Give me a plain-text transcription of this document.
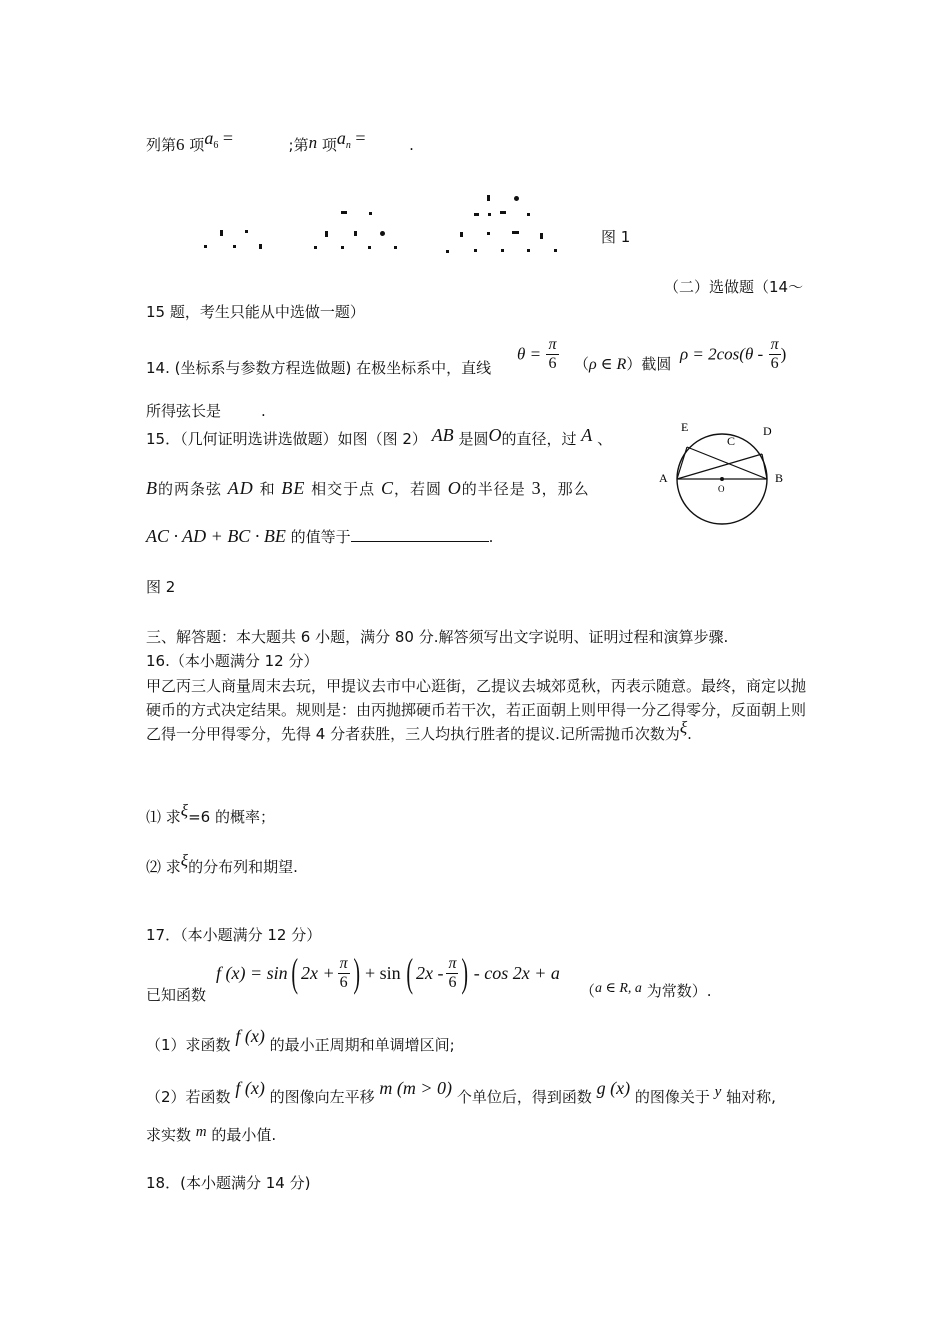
列第6 项$a_6$ =	;第n 项$a_n$ =	.
图 1
（二）选做题（14～
15 题，考生只能从中选做一题）
14. (坐标系与参数方程选做题) 在极坐标系中，直线
$\theta = \frac{\pi}{6} (\rho$ ∈ R）截圆
$\rho = 2\cos(\theta - \frac{\pi}{6}$ )
所得弦长是	.
15．（几何证明选讲选做题）如图（图 2） AB 是圆O的直径，过 A 、
B的两条弦 AD 和 BE 相交于点 C，若圆 O的半径是 3，那么
AC · AD + BC · BE 的值等于	.
图 2
E	D
C
A
O
B
三、解答题：本大题共 6 小题，满分 80 分.解答须写出文字说明、证明过程和演算步骤.
16.（本小题满分 12 分）

甲乙丙三人商量周末去玩，甲提议去市中心逛街，乙提议去城郊觅秋，丙表示随意。最终，商定以抛硬币的方式决定结果。规则是：由丙抛掷硬币若干次，若正面朝上则甲得一分乙得零分，反面朝上则乙得一分甲得零分，先得 4 分者获胜，三人均执行胜者的提议.记所需抛币次数为ξ.

⑴ 求ξ=6 的概率；
⑵ 求ξ的分布列和期望.
17．（本小题满分 12 分）
已知函数
f (x) = sin ( $2x + \frac{\pi}{6}$ ) + sin ( $2x - \frac{\pi}{6}$ ) - cos 2x + a
（a ∈ R, a 为常数）.
（1）求函数 f (x) 的最小正周期和单调增区间;
（2）若函数 f (x) 的图像向左平移 m (m > 0) 个单位后，得到函数 g (x) 的图像关于 y 轴对称,
求实数 m 的最小值.
18．(本小题满分 14 分)
